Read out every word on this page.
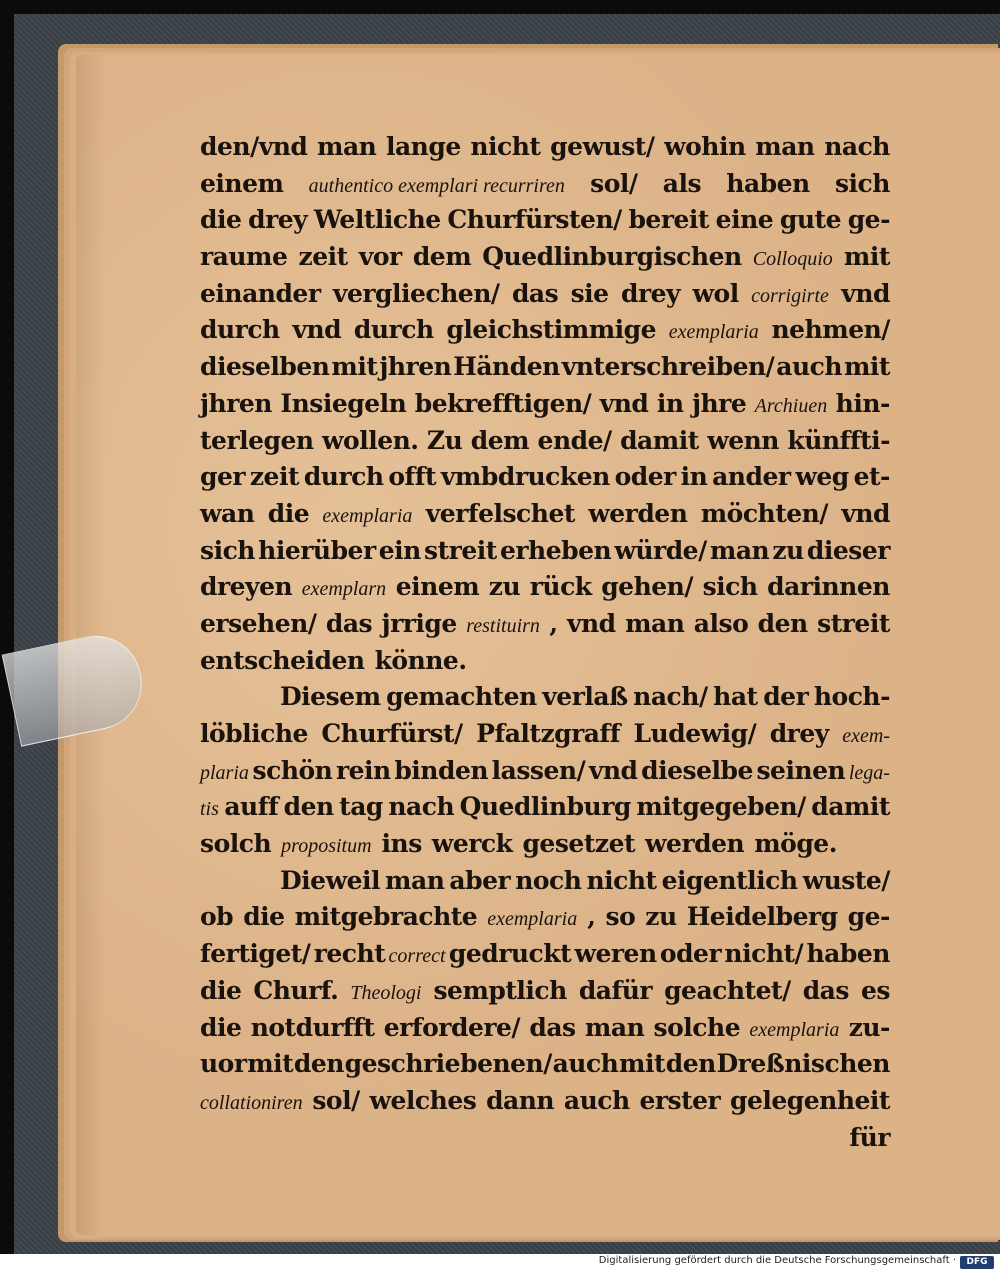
den/vnd man lange nicht gewust/ wohin man nach
einem authentico exemplari recurriren sol/ als haben sich
die drey Weltliche Churfürsten/ bereit eine gute ge-
raume zeit vor dem Quedlinburgischen Colloquio mit
einander vergliechen/ das sie drey wol corrigirte vnd
durch vnd durch gleichstimmige exemplaria nehmen/
dieselben mit jhren Händen vnterschreiben/ auch mit
jhren Insiegeln bekrefftigen/ vnd in jhre Archiuen hin-
terlegen wollen. Zu dem ende/ damit wenn künffti-
ger zeit durch offt vmbdrucken oder in ander weg et-
wan die exemplaria verfelschet werden möchten/ vnd
sich hierüber ein streit erheben würde/ man zu dieser
dreyen exemplarn einem zu rück gehen/ sich darinnen
ersehen/ das jrrige restituirn , vnd man also den streit
entscheiden könne.
Diesem gemachten verlaß nach/ hat der hoch-
löbliche Churfürst/ Pfaltzgraff Ludewig/ drey exem-
plaria schön rein binden lassen/ vnd dieselbe seinen lega-
tis auff den tag nach Quedlinburg mitgegeben/ damit
solch propositum ins werck gesetzet werden möge.
Dieweil man aber noch nicht eigentlich wuste/
ob die mitgebrachte exemplaria , so zu Heidelberg ge-
fertiget/ recht correct gedruckt weren oder nicht/ haben
die Churf. Theologi semptlich dafür geachtet/ das es
die notdurfft erfordere/ das man solche exemplaria zu-
uor mit den geschriebenen/ auch mit den Dreßnischen
collationiren sol/ welches dann auch erster gelegenheit
für
Digitalisierung gefördert durch die Deutsche Forschungsgemeinschaft ·	DFG
